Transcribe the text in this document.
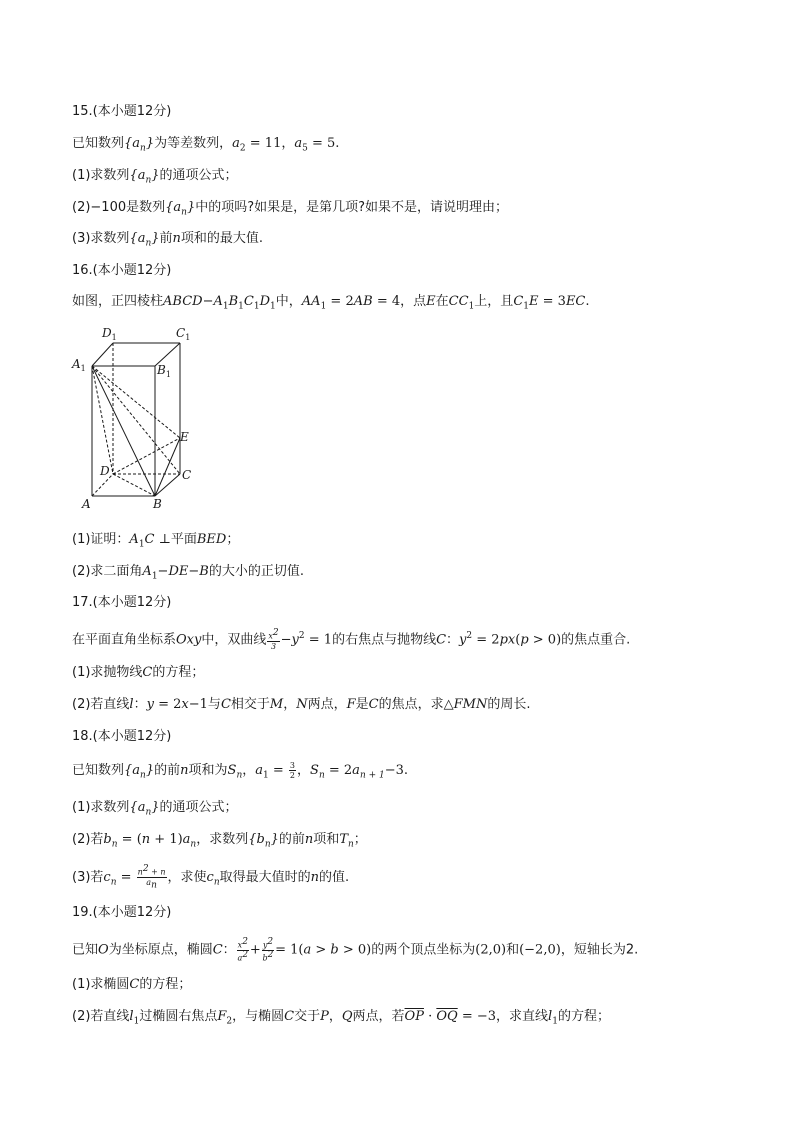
15.(本小题12分)
已知数列$\{a_n\}$为等差数列，$a_2 = 11$，$a_5 = 5$.
(1)求数列$\{a_n\}$的通项公式；
(2)−100是数列$\{a_n\}$中的项吗?如果是，是第几项?如果不是，请说明理由；
(3)求数列$\{a_n\}$前n项和的最大值.
16.(本小题12分)
如图，正四棱柱$ABCD-A_1B_1C_1D_1$中，$AA_1 = 2AB = 4$，点E在$CC_1$上，且$C_1E = 3EC$.
(1)证明：$A_1C$ ⊥平面BED；
(2)求二面角$A_1-DE-B$的大小的正切值.
17.(本小题12分)
在平面直角坐标系Oxy中，双曲线 $\frac{x^2}{3} -y^2 = 1$的右焦点与抛物线C：$y^2 = 2px(p > 0)$的焦点重合.
(1)求抛物线C的方程；
(2)若直线l：y = 2x−1与C相交于M，N两点，F是C的焦点，求△FMN的周长.
18.(本小题12分)
已知数列$\{a_n\}$的前n项和为$S_n$，$a_1 = \frac{3}{2}$ ，$S_n = 2a_{n + 1}-3$.
(1)求数列$\{a_n\}$的通项公式；
(2)若$b_n = (n + 1)a_n$，求数列$\{b_n\}$的前n项和$T_n$；
(3)若$c_n = \frac{n^2 + n}{a_n}$ ，求使$c_n$取得最大值时的n的值.
19.(本小题12分)
已知O为坐标原点，椭圆C： $\frac{x^2}{a^2} + \frac{y^2}{b^2} = 1(a > b > 0)$的两个顶点坐标为(2,0)和(−2,0)，短轴长为2.
(1)求椭圆C的方程；
(2)若直线$l_1$过椭圆右焦点$F_2$，与椭圆C交于P，Q两点，若$\overline{OP} \cdot \overline{OQ} = -3$，求直线$l_1$的方程；
$D_1$	$C_1$
$A_1$	$B_1$
E
D	C
A	B
